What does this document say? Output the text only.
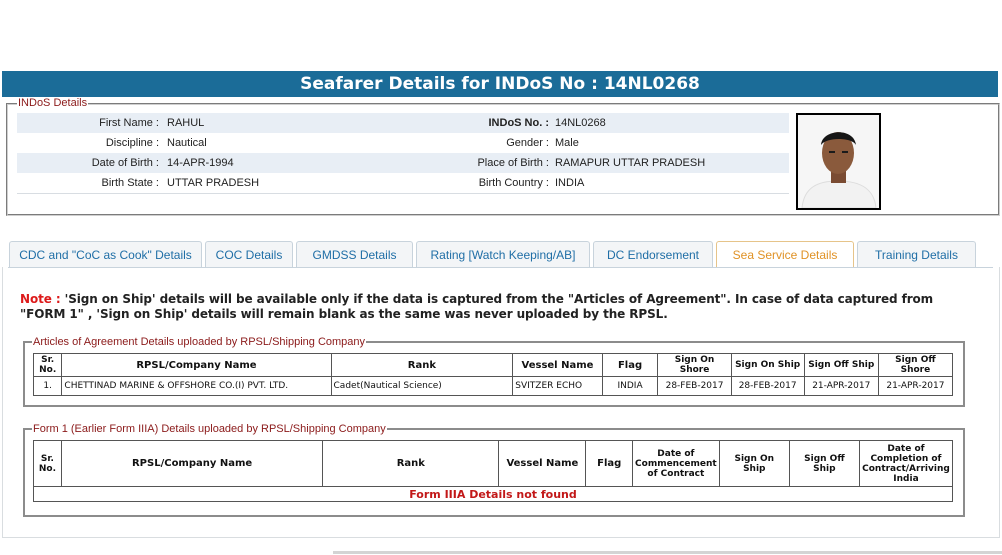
Seafarer Details for INDoS No : 14NL0268
INDoS Details
First Name : RAHUL	INDoS No. : 14NL0268
Discipline : Nautical	Gender : Male
Date of Birth : 14-APR-1994	Place of Birth : RAMAPUR UTTAR PRADESH
Birth State : UTTAR PRADESH	Birth Country : INDIA
CDC and "CoC as Cook" Details	COC Details	GMDSS Details	Rating [Watch Keeping/AB]	DC Endorsement	Sea Service Details	Training Details
Note : 'Sign on Ship' details will be available only if the data is captured from the "Articles of Agreement". In case of data captured from "FORM 1" , 'Sign on Ship' details will remain blank as the same was never uploaded by the RPSL.
Articles of Agreement Details uploaded by RPSL/Shipping Company
Sr. No.	RPSL/Company Name	Rank	Vessel Name	Flag	Sign On Shore	Sign On Ship	Sign Off Ship	Sign Off Shore
1.	CHETTINAD MARINE & OFFSHORE CO.(I) PVT. LTD.	Cadet(Nautical Science)	SVITZER ECHO	INDIA	28-FEB-2017	28-FEB-2017	21-APR-2017	21-APR-2017
Form 1 (Earlier Form IIIA) Details uploaded by RPSL/Shipping Company
Sr. No.	RPSL/Company Name	Rank	Vessel Name	Flag	Date of Commencement of Contract	Sign On Ship	Sign Off Ship	Date of Completion of Contract/Arriving India
Form IIIA Details not found
